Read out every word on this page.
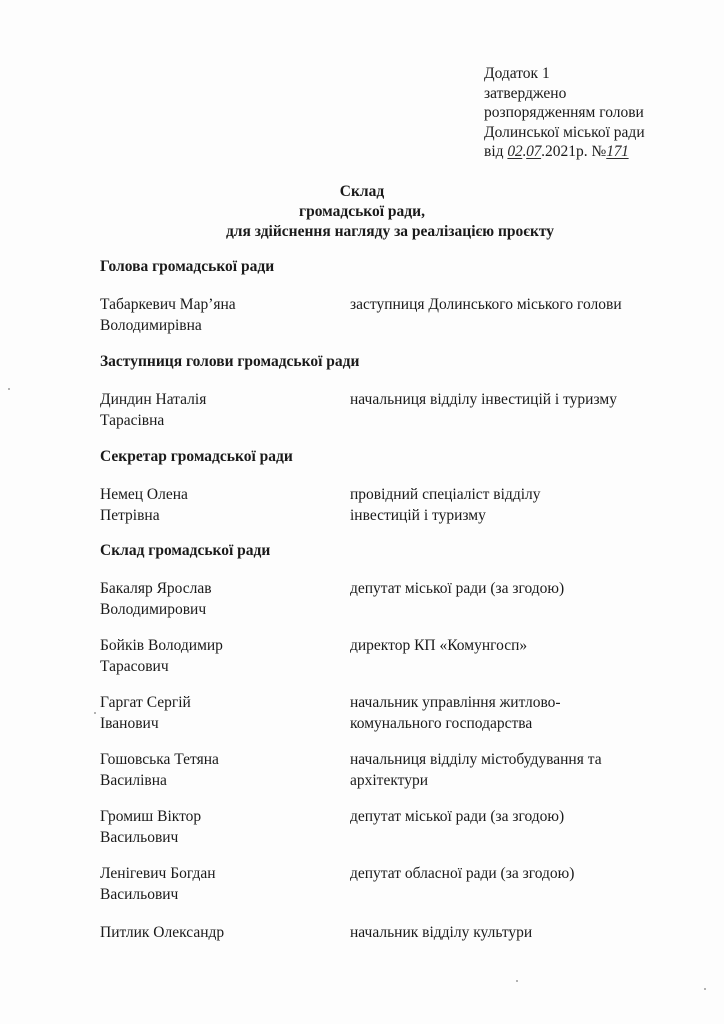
Додаток 1
затверджено
розпорядженням голови
Долинської міської ради
від 02.07.2021р. №171
Склад
громадської ради,
для здійснення нагляду за реалізацією проєкту
Голова громадської ради
Табаркевич Мар’яна
Володимирівна
заступниця Долинського міського голови
Заступниця голови громадської ради
Диндин Наталія
Тарасівна
начальниця відділу інвестицій і туризму
Секретар громадської ради
Немец Олена
Петрівна
провідний спеціаліст відділу
інвестицій і туризму
Склад громадської ради
Бакаляр Ярослав
Володимирович
депутат міської ради (за згодою)
Бойків Володимир
Тарасович
директор КП «Комунгосп»
Гаргат Сергій
Іванович
начальник управління житлово-
комунального господарства
Гошовська Тетяна
Василівна
начальниця відділу містобудування та
архітектури
Громиш Віктор
Васильович
депутат міської ради (за згодою)
Ленігевич Богдан
Васильович
депутат обласної ради (за згодою)
Питлик Олександр	начальник відділу культури
